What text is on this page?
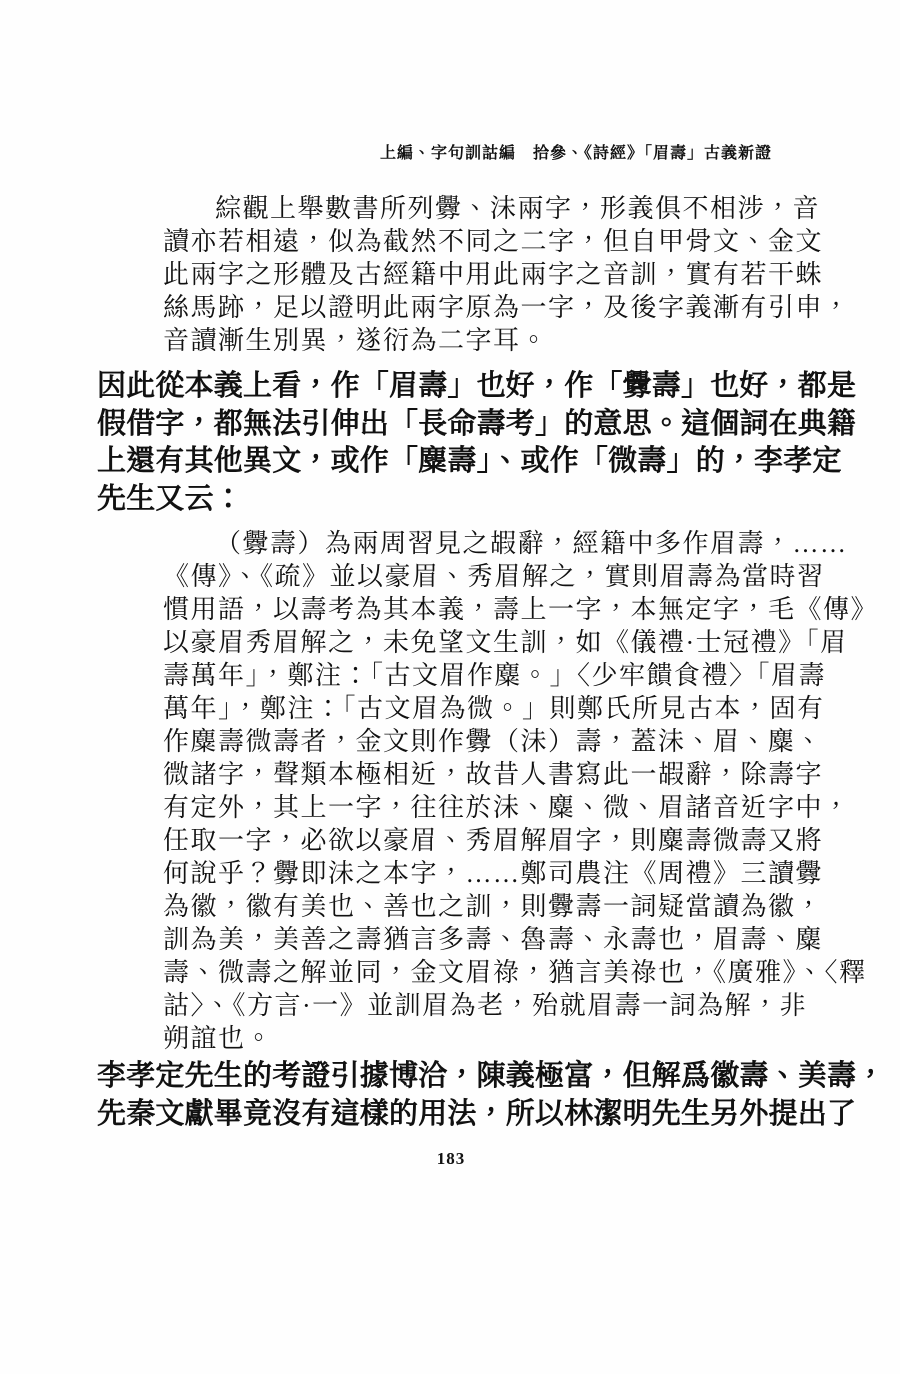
上編、字句訓詁編　拾參、《詩經》「眉壽」古義新證
綜觀上舉數書所列釁、沬兩字，形義俱不相涉，音
讀亦若相遠，似為截然不同之二字，但自甲骨文、金文
此兩字之形體及古經籍中用此兩字之音訓，實有若干蛛
絲馬跡，足以證明此兩字原為一字，及後字義漸有引申，
音讀漸生別異，遂衍為二字耳。
因此從本義上看，作「眉壽」也好，作「釁壽」也好，都是
假借字，都無法引伸出「長命壽考」的意思。這個詞在典籍
上還有其他異文，或作「麋壽」、或作「微壽」的，李孝定
先生又云：
（釁壽）為兩周習見之嘏辭，經籍中多作眉壽，……
《傳》、《疏》並以豪眉、秀眉解之，實則眉壽為當時習
慣用語，以壽考為其本義，壽上一字，本無定字，毛《傳》
以豪眉秀眉解之，未免望文生訓，如《儀禮·士冠禮》「眉
壽萬年」，鄭注：「古文眉作麋。」〈少牢饋食禮〉「眉壽
萬年」，鄭注：「古文眉為微。」則鄭氏所見古本，固有
作麋壽微壽者，金文則作釁（沬）壽，蓋沬、眉、麋、
微諸字，聲類本極相近，故昔人書寫此一嘏辭，除壽字
有定外，其上一字，往往於沬、麋、微、眉諸音近字中，
任取一字，必欲以豪眉、秀眉解眉字，則麋壽微壽又將
何說乎？釁即沬之本字，……鄭司農注《周禮》三讀釁
為徽，徽有美也、善也之訓，則釁壽一詞疑當讀為徽，
訓為美，美善之壽猶言多壽、魯壽、永壽也，眉壽、麋
壽、微壽之解並同，金文眉祿，猶言美祿也，《廣雅》、〈釋
詁〉、《方言·一》並訓眉為老，殆就眉壽一詞為解，非
朔誼也。
李孝定先生的考證引據博洽，陳義極富，但解爲徽壽、美壽，
先秦文獻畢竟沒有這樣的用法，所以林潔明先生另外提出了
183
